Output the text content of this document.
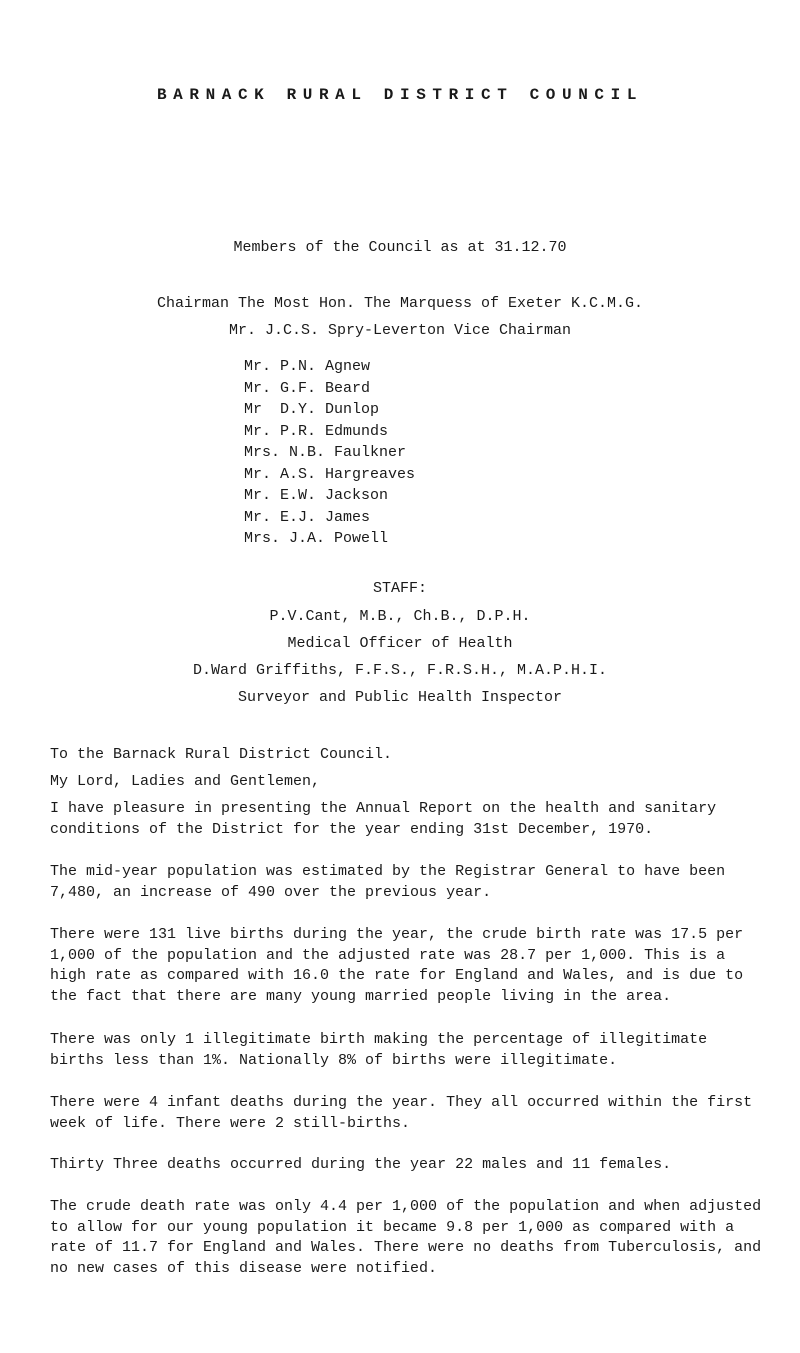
BARNACK RURAL DISTRICT COUNCIL
Members of the Council as at 31.12.70
Chairman The Most Hon. The Marquess of Exeter K.C.M.G.
Mr. J.C.S. Spry-Leverton Vice Chairman
Mr. P.N. Agnew
Mr. G.F. Beard
Mr  D.Y. Dunlop
Mr. P.R. Edmunds
Mrs. N.B. Faulkner
Mr. A.S. Hargreaves
Mr. E.W. Jackson
Mr. E.J. James
Mrs. J.A. Powell
STAFF:
P.V.Cant, M.B., Ch.B., D.P.H.
Medical Officer of Health
D.Ward Griffiths, F.F.S., F.R.S.H., M.A.P.H.I.
Surveyor and Public Health Inspector

To the Barnack Rural District Council.

My Lord, Ladies and Gentlemen,

I have pleasure in presenting the Annual Report on the health and sanitary conditions of the District for the year ending 31st December, 1970.

The mid-year population was estimated by the Registrar General to have been 7,480, an increase of 490 over the previous year.

There were 131 live births during the year, the crude birth rate was 17.5 per 1,000 of the population and the adjusted rate was 28.7 per 1,000. This is a high rate as compared with 16.0 the rate for England and Wales, and is due to the fact that there are many young married people living in the area.

There was only 1 illegitimate birth making the percentage of illegitimate births less than 1%. Nationally 8% of births were illegitimate.

There were 4 infant deaths during the year. They all occurred within the first week of life. There were 2 still-births.

Thirty Three deaths occurred during the year 22 males and 11 females.

The crude death rate was only 4.4 per 1,000 of the population and when adjusted to allow for our young population it became 9.8 per 1,000 as compared with a rate of 11.7 for England and Wales. There were no deaths from Tuberculosis, and no new cases of this disease were notified.
